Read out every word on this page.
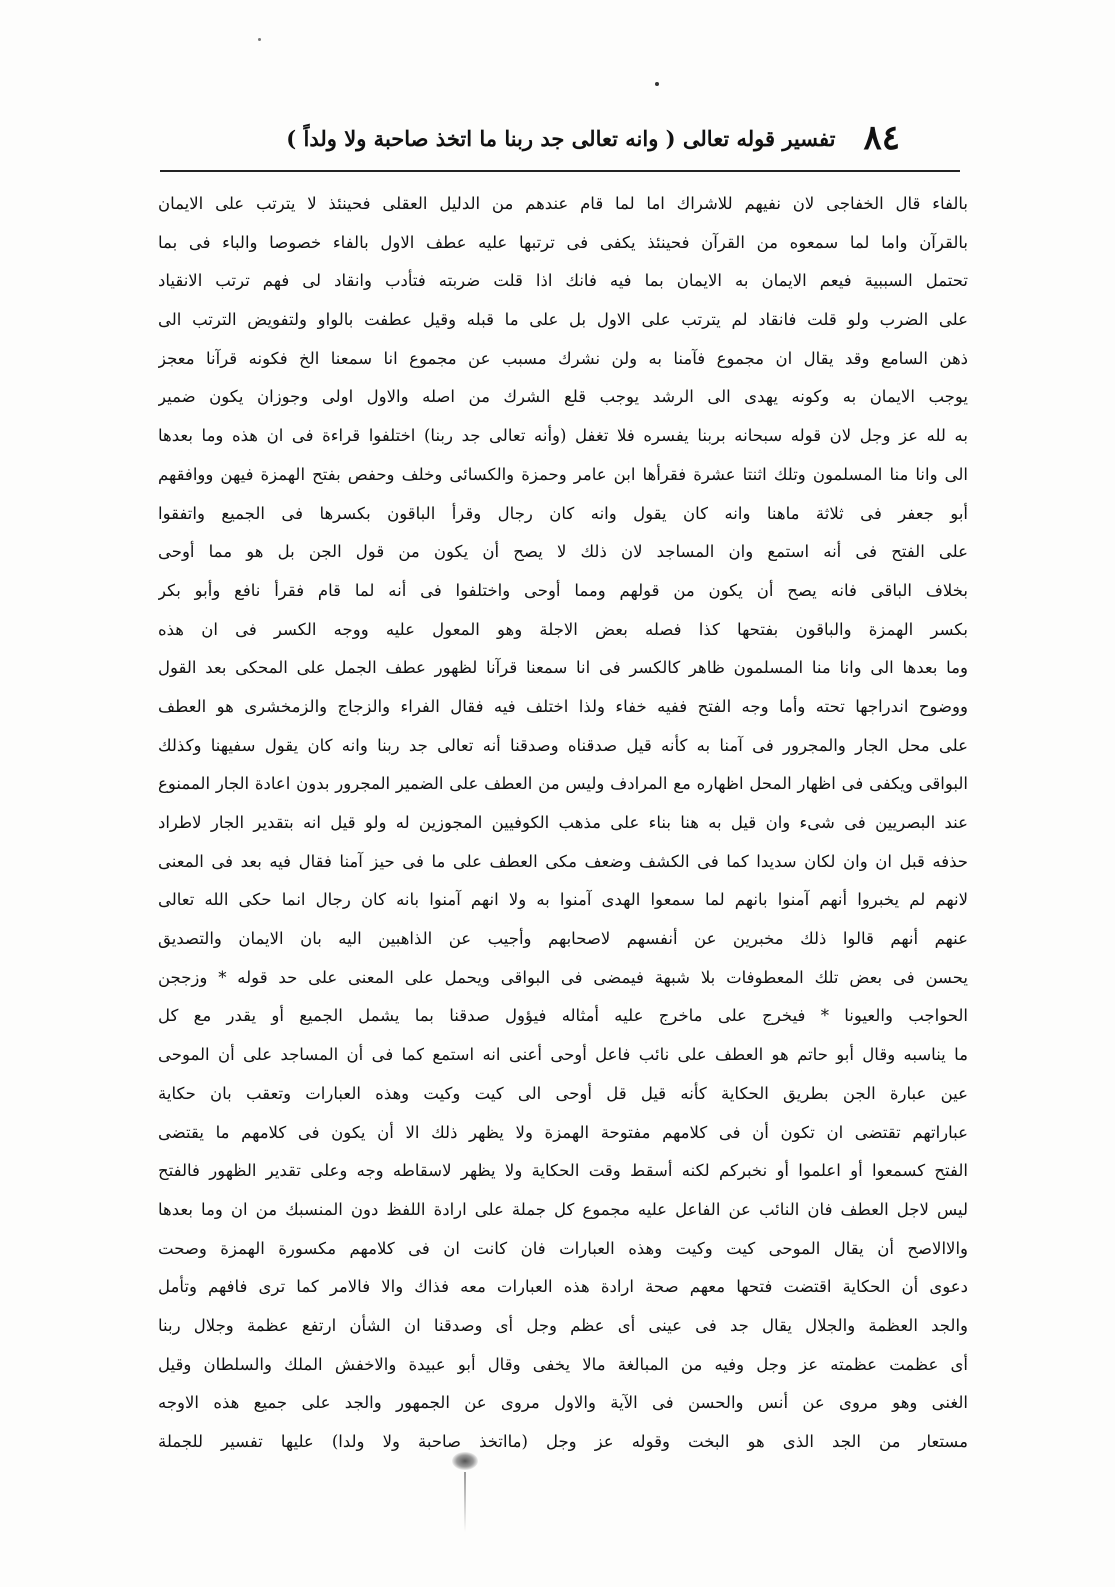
٨٤
تفسير قوله تعالى ( وانه تعالى جد ربنا ما اتخذ صاحبة ولا ولداً )
بالفاء قال الخفاجى لان نفيهم للاشراك اما لما قام عندهم من الدليل العقلى فحينئذ لا يترتب على الايمان
بالقرآن واما لما سمعوه من القرآن فحينئذ يكفى فى ترتبها عليه عطف الاول بالفاء خصوصا والباء فى بما
تحتمل السببية فيعم الايمان به الايمان بما فيه فانك اذا قلت ضربته فتأدب وانقاد لى فهم ترتب الانقياد
على الضرب ولو قلت فانقاد لم يترتب على الاول بل على ما قبله وقيل عطفت بالواو ولتفويض الترتب الى
ذهن السامع وقد يقال ان مجموع فآمنا به ولن نشرك مسبب عن مجموع انا سمعنا الخ فكونه قرآنا معجز
يوجب الايمان به وكونه يهدى الى الرشد يوجب قلع الشرك من اصله والاول اولى وجوزان يكون ضمير
به لله عز وجل لان قوله سبحانه بربنا يفسره فلا تغفل (وأنه تعالى جد ربنا) اختلفوا قراءة فى ان هذه وما بعدها
الى وانا منا المسلمون وتلك اثنتا عشرة فقرأها ابن عامر وحمزة والكسائى وخلف وحفص بفتح الهمزة فيهن ووافقهم
أبو جعفر فى ثلاثة ماهنا وانه كان يقول وانه كان رجال وقرأ الباقون بكسرها فى الجميع واتفقوا
على الفتح فى أنه استمع وان المساجد لان ذلك لا يصح أن يكون من قول الجن بل هو مما أوحى
بخلاف الباقى فانه يصح أن يكون من قولهم ومما أوحى واختلفوا فى أنه لما قام فقرأ نافع وأبو بكر
بكسر الهمزة والباقون بفتحها كذا فصله بعض الاجلة وهو المعول عليه ووجه الكسر فى ان هذه
وما بعدها الى وانا منا المسلمون ظاهر كالكسر فى انا سمعنا قرآنا لظهور عطف الجمل على المحكى بعد القول
ووضوح اندراجها تحته وأما وجه الفتح ففيه خفاء ولذا اختلف فيه فقال الفراء والزجاج والزمخشرى هو العطف
على محل الجار والمجرور فى آمنا به كأنه قيل صدقناه وصدقنا أنه تعالى جد ربنا وانه كان يقول سفيهنا وكذلك
البواقى ويكفى فى اظهار المحل اظهاره مع المرادف وليس من العطف على الضمير المجرور بدون اعادة الجار الممنوع
عند البصريين فى شىء وان قيل به هنا بناء على مذهب الكوفيين المجوزين له ولو قيل انه بتقدير الجار لاطراد
حذفه قبل ان وان لكان سديدا كما فى الكشف وضعف مكى العطف على ما فى حيز آمنا فقال فيه بعد فى المعنى
لانهم لم يخبروا أنهم آمنوا بانهم لما سمعوا الهدى آمنوا به ولا انهم آمنوا بانه كان رجال انما حكى الله تعالى
عنهم أنهم قالوا ذلك مخبرين عن أنفسهم لاصحابهم وأجيب عن الذاهبين اليه بان الايمان والتصديق
يحسن فى بعض تلك المعطوفات بلا شبهة فيمضى فى البواقى ويحمل على المعنى على حد قوله * وزججن
الحواجب والعيونا * فيخرج على ماخرج عليه أمثاله فيؤول صدقنا بما يشمل الجميع أو يقدر مع كل
ما يناسبه وقال أبو حاتم هو العطف على نائب فاعل أوحى أعنى انه استمع كما فى أن المساجد على أن الموحى
عين عبارة الجن بطريق الحكاية كأنه قيل قل أوحى الى كيت وكيت وهذه العبارات وتعقب بان حكاية
عباراتهم تقتضى ان تكون أن فى كلامهم مفتوحة الهمزة ولا يظهر ذلك الا أن يكون فى كلامهم ما يقتضى
الفتح كسمعوا أو اعلموا أو نخبركم لكنه أسقط وقت الحكاية ولا يظهر لاسقاطه وجه وعلى تقدير الظهور فالفتح
ليس لاجل العطف فان النائب عن الفاعل عليه مجموع كل جملة على ارادة اللفظ دون المنسبك من ان وما بعدها
والاالاصح أن يقال الموحى كيت وكيت وهذه العبارات فان كانت ان فى كلامهم مكسورة الهمزة وصحت
دعوى أن الحكاية اقتضت فتحها معهم صحة ارادة هذه العبارات معه فذاك والا فالامر كما ترى فافهم وتأمل
والجد العظمة والجلال يقال جد فى عينى أى عظم وجل أى وصدقنا ان الشأن ارتفع عظمة وجلال ربنا
أى عظمت عظمته عز وجل وفيه من المبالغة مالا يخفى وقال أبو عبيدة والاخفش الملك والسلطان وقيل
الغنى وهو مروى عن أنس والحسن فى الآية والاول مروى عن الجمهور والجد على جميع هذه الاوجه
مستعار من الجد الذى هو البخت وقوله عز وجل (مااتخذ صاحبة ولا ولدا) عليها تفسير للجملة
